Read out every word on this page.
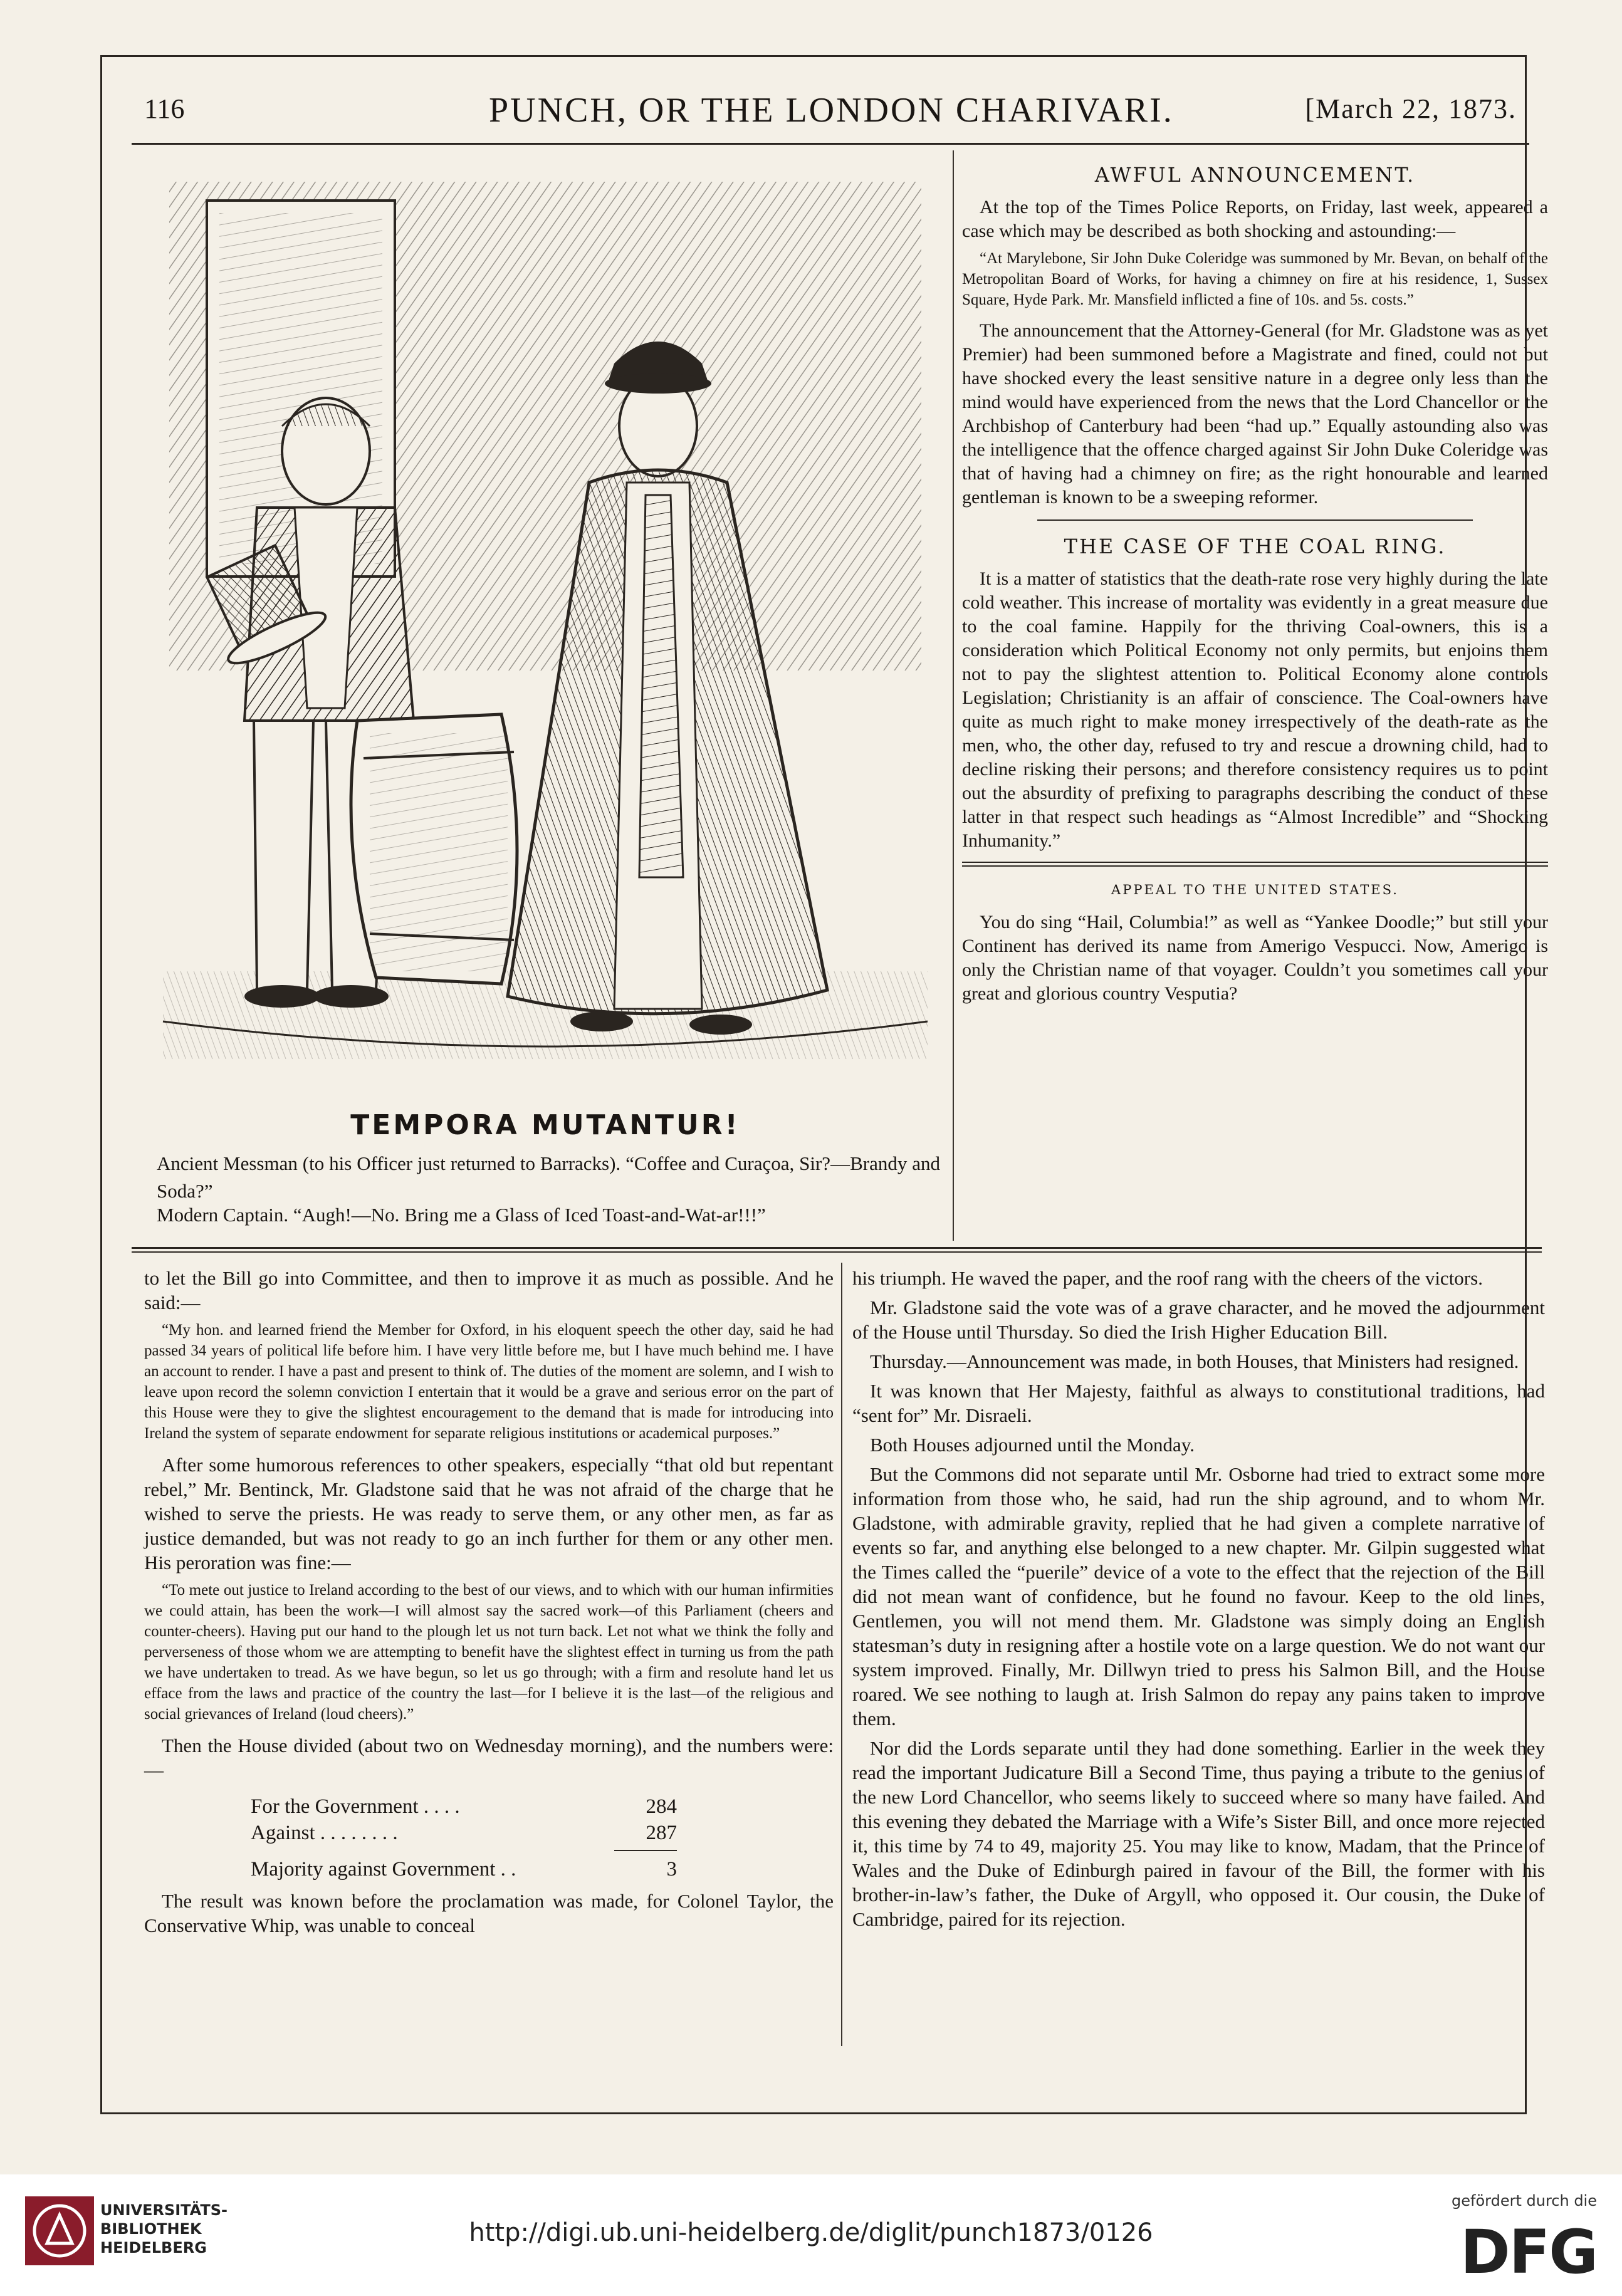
116	PUNCH, OR THE LONDON CHARIVARI.	[March 22, 1873.
TEMPORA MUTANTUR!
Ancient Messman (to his Officer just returned to Barracks). “Coffee and Curaçoa, Sir?—Brandy and Soda?”
Modern Captain. “Augh!—No. Bring me a Glass of Iced Toast-and-Wat-ar!!!”
AWFUL ANNOUNCEMENT.

At the top of the Times Police Reports, on Friday, last week, appeared a case which may be described as both shocking and astounding:—

“At Marylebone, Sir John Duke Coleridge was summoned by Mr. Bevan, on behalf of the Metropolitan Board of Works, for having a chimney on fire at his residence, 1, Sussex Square, Hyde Park. Mr. Mansfield inflicted a fine of 10s. and 5s. costs.”

The announcement that the Attorney-General (for Mr. Gladstone was as yet Premier) had been summoned before a Magistrate and fined, could not but have shocked every the least sensitive nature in a degree only less than the mind would have experienced from the news that the Lord Chancellor or the Archbishop of Canterbury had been “had up.” Equally astounding also was the intelligence that the offence charged against Sir John Duke Coleridge was that of having had a chimney on fire; as the right honourable and learned gentleman is known to be a sweeping reformer.

THE CASE OF THE COAL RING.

It is a matter of statistics that the death-rate rose very highly during the late cold weather. This increase of mortality was evidently in a great measure due to the coal famine. Happily for the thriving Coal-owners, this is a consideration which Political Economy not only permits, but enjoins them not to pay the slightest attention to. Political Economy alone controls Legislation; Christianity is an affair of conscience. The Coal-owners have quite as much right to make money irrespectively of the death-rate as the men, who, the other day, refused to try and rescue a drowning child, had to decline risking their persons; and therefore consistency requires us to point out the absurdity of prefixing to paragraphs describing the conduct of these latter in that respect such headings as “Almost Incredible” and “Shocking Inhumanity.”

APPEAL TO THE UNITED STATES.

You do sing “Hail, Columbia!” as well as “Yankee Doodle;” but still your Continent has derived its name from Amerigo Vespucci. Now, Amerigo is only the Christian name of that voyager. Couldn’t you sometimes call your great and glorious country Vesputia?

to let the Bill go into Committee, and then to improve it as much as possible. And he said:—

“My hon. and learned friend the Member for Oxford, in his eloquent speech the other day, said he had passed 34 years of political life before him. I have very little before me, but I have much behind me. I have an account to render. I have a past and present to think of. The duties of the moment are solemn, and I wish to leave upon record the solemn conviction I entertain that it would be a grave and serious error on the part of this House were they to give the slightest encouragement to the demand that is made for introducing into Ireland the system of separate endowment for separate religious institutions or academical purposes.”

After some humorous references to other speakers, especially “that old but repentant rebel,” Mr. Bentinck, Mr. Gladstone said that he was not afraid of the charge that he wished to serve the priests. He was ready to serve them, or any other men, as far as justice demanded, but was not ready to go an inch further for them or any other men. His peroration was fine:—

“To mete out justice to Ireland according to the best of our views, and to which with our human infirmities we could attain, has been the work—I will almost say the sacred work—of this Parliament (cheers and counter-cheers). Having put our hand to the plough let us not turn back. Let not what we think the folly and perverseness of those whom we are attempting to benefit have the slightest effect in turning us from the path we have undertaken to tread. As we have begun, so let us go through; with a firm and resolute hand let us efface from the laws and practice of the country the last—for I believe it is the last—of the religious and social grievances of Ireland (loud cheers).”

Then the House divided (about two on Wednesday morning), and the numbers were:—

For the Government . . . .	284
Against . . . . . . . .	287
Majority against Government . .	3

The result was known before the proclamation was made, for Colonel Taylor, the Conservative Whip, was unable to conceal

his triumph. He waved the paper, and the roof rang with the cheers of the victors.

Mr. Gladstone said the vote was of a grave character, and he moved the adjournment of the House until Thursday. So died the Irish Higher Education Bill.

Thursday.—Announcement was made, in both Houses, that Ministers had resigned.

It was known that Her Majesty, faithful as always to constitutional traditions, had “sent for” Mr. Disraeli.

Both Houses adjourned until the Monday.

But the Commons did not separate until Mr. Osborne had tried to extract some more information from those who, he said, had run the ship aground, and to whom Mr. Gladstone, with admirable gravity, replied that he had given a complete narrative of events so far, and anything else belonged to a new chapter. Mr. Gilpin suggested what the Times called the “puerile” device of a vote to the effect that the rejection of the Bill did not mean want of confidence, but he found no favour. Keep to the old lines, Gentlemen, you will not mend them. Mr. Gladstone was simply doing an English statesman’s duty in resigning after a hostile vote on a large question. We do not want our system improved. Finally, Mr. Dillwyn tried to press his Salmon Bill, and the House roared. We see nothing to laugh at. Irish Salmon do repay any pains taken to improve them.

Nor did the Lords separate until they had done something. Earlier in the week they read the important Judicature Bill a Second Time, thus paying a tribute to the genius of the new Lord Chancellor, who seems likely to succeed where so many have failed. And this evening they debated the Marriage with a Wife’s Sister Bill, and once more rejected it, this time by 74 to 49, majority 25. You may like to know, Madam, that the Prince of Wales and the Duke of Edinburgh paired in favour of the Bill, the former with his brother-in-law’s father, the Duke of Argyll, who opposed it. Our cousin, the Duke of Cambridge, paired for its rejection.

UNIVERSITÄTS-
BIBLIOTHEK
HEIDELBERG
http://digi.ub.uni-heidelberg.de/diglit/punch1873/0126
gefördert durch die
DFG
